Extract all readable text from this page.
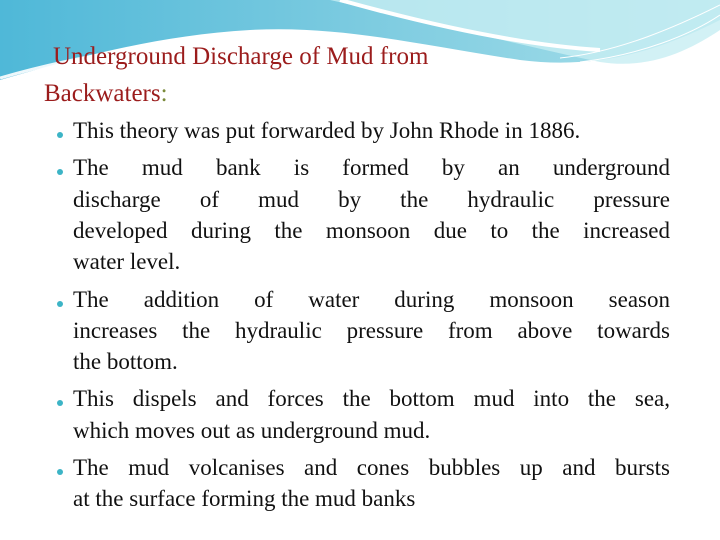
Underground Discharge of Mud from
Backwaters:
This theory was put forwarded by John Rhode in 1886.
The mud bank is formed by an underground
discharge of mud by the hydraulic pressure
developed during the monsoon due to the increased
water level.
The addition of water during monsoon season
increases the hydraulic pressure from above towards
the bottom.
This dispels and forces the bottom mud into the sea,
which moves out as underground mud.
The mud volcanises and cones bubbles up and bursts
at the surface forming the mud banks
